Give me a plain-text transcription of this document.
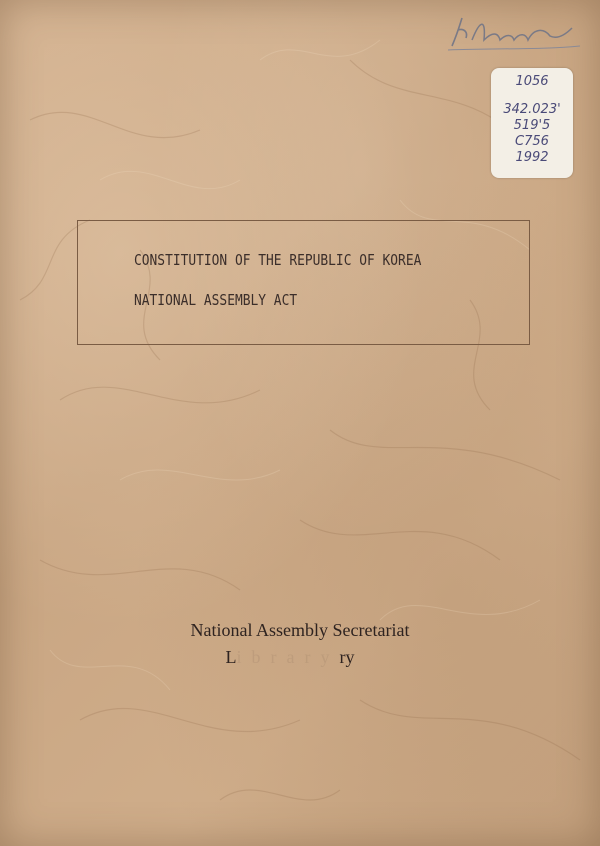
1056
342.023'
519'5
C756
1992
CONSTITUTION OF THE REPUBLIC OF KOREA
NATIONAL ASSEMBLY ACT
National Assembly Secretariat
Libraryry
